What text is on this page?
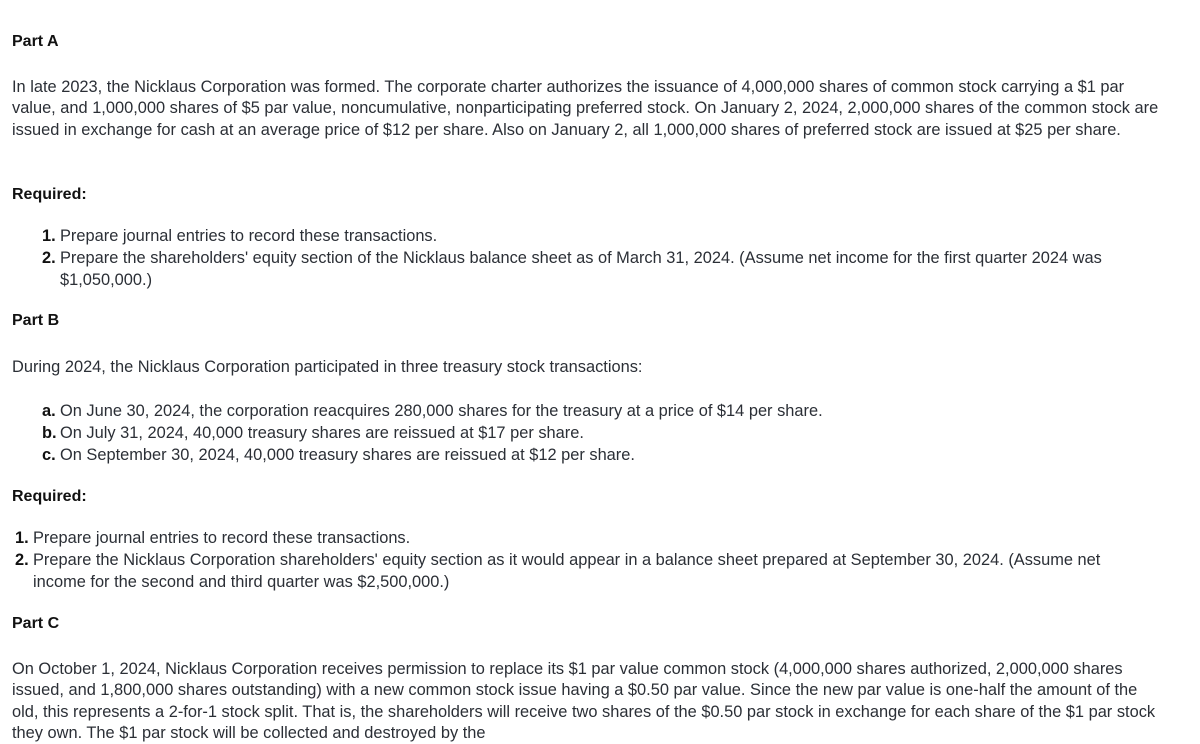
Part A

In late 2023, the Nicklaus Corporation was formed. The corporate charter authorizes the issuance of 4,000,000 shares of common stock carrying a $1 par value, and 1,000,000 shares of $5 par value, noncumulative, nonparticipating preferred stock. On January 2, 2024, 2,000,000 shares of the common stock are issued in exchange for cash at an average price of $12 per share. Also on January 2, all 1,000,000 shares of preferred stock are issued at $25 per share.

Required:
1. Prepare journal entries to record these transactions.
2. Prepare the shareholders' equity section of the Nicklaus balance sheet as of March 31, 2024. (Assume net income for the first quarter 2024 was $1,050,000.)
Part B

During 2024, the Nicklaus Corporation participated in three treasury stock transactions:

a. On June 30, 2024, the corporation reacquires 280,000 shares for the treasury at a price of $14 per share.
b. On July 31, 2024, 40,000 treasury shares are reissued at $17 per share.
c. On September 30, 2024, 40,000 treasury shares are reissued at $12 per share.
Required:
1. Prepare journal entries to record these transactions.
2. Prepare the Nicklaus Corporation shareholders' equity section as it would appear in a balance sheet prepared at September 30, 2024. (Assume net income for the second and third quarter was $2,500,000.)
Part C

On October 1, 2024, Nicklaus Corporation receives permission to replace its $1 par value common stock (4,000,000 shares authorized, 2,000,000 shares issued, and 1,800,000 shares outstanding) with a new common stock issue having a $0.50 par value. Since the new par value is one-half the amount of the old, this represents a 2-for-1 stock split. That is, the shareholders will receive two shares of the $0.50 par stock in exchange for each share of the $1 par stock they own. The $1 par stock will be collected and destroyed by the
